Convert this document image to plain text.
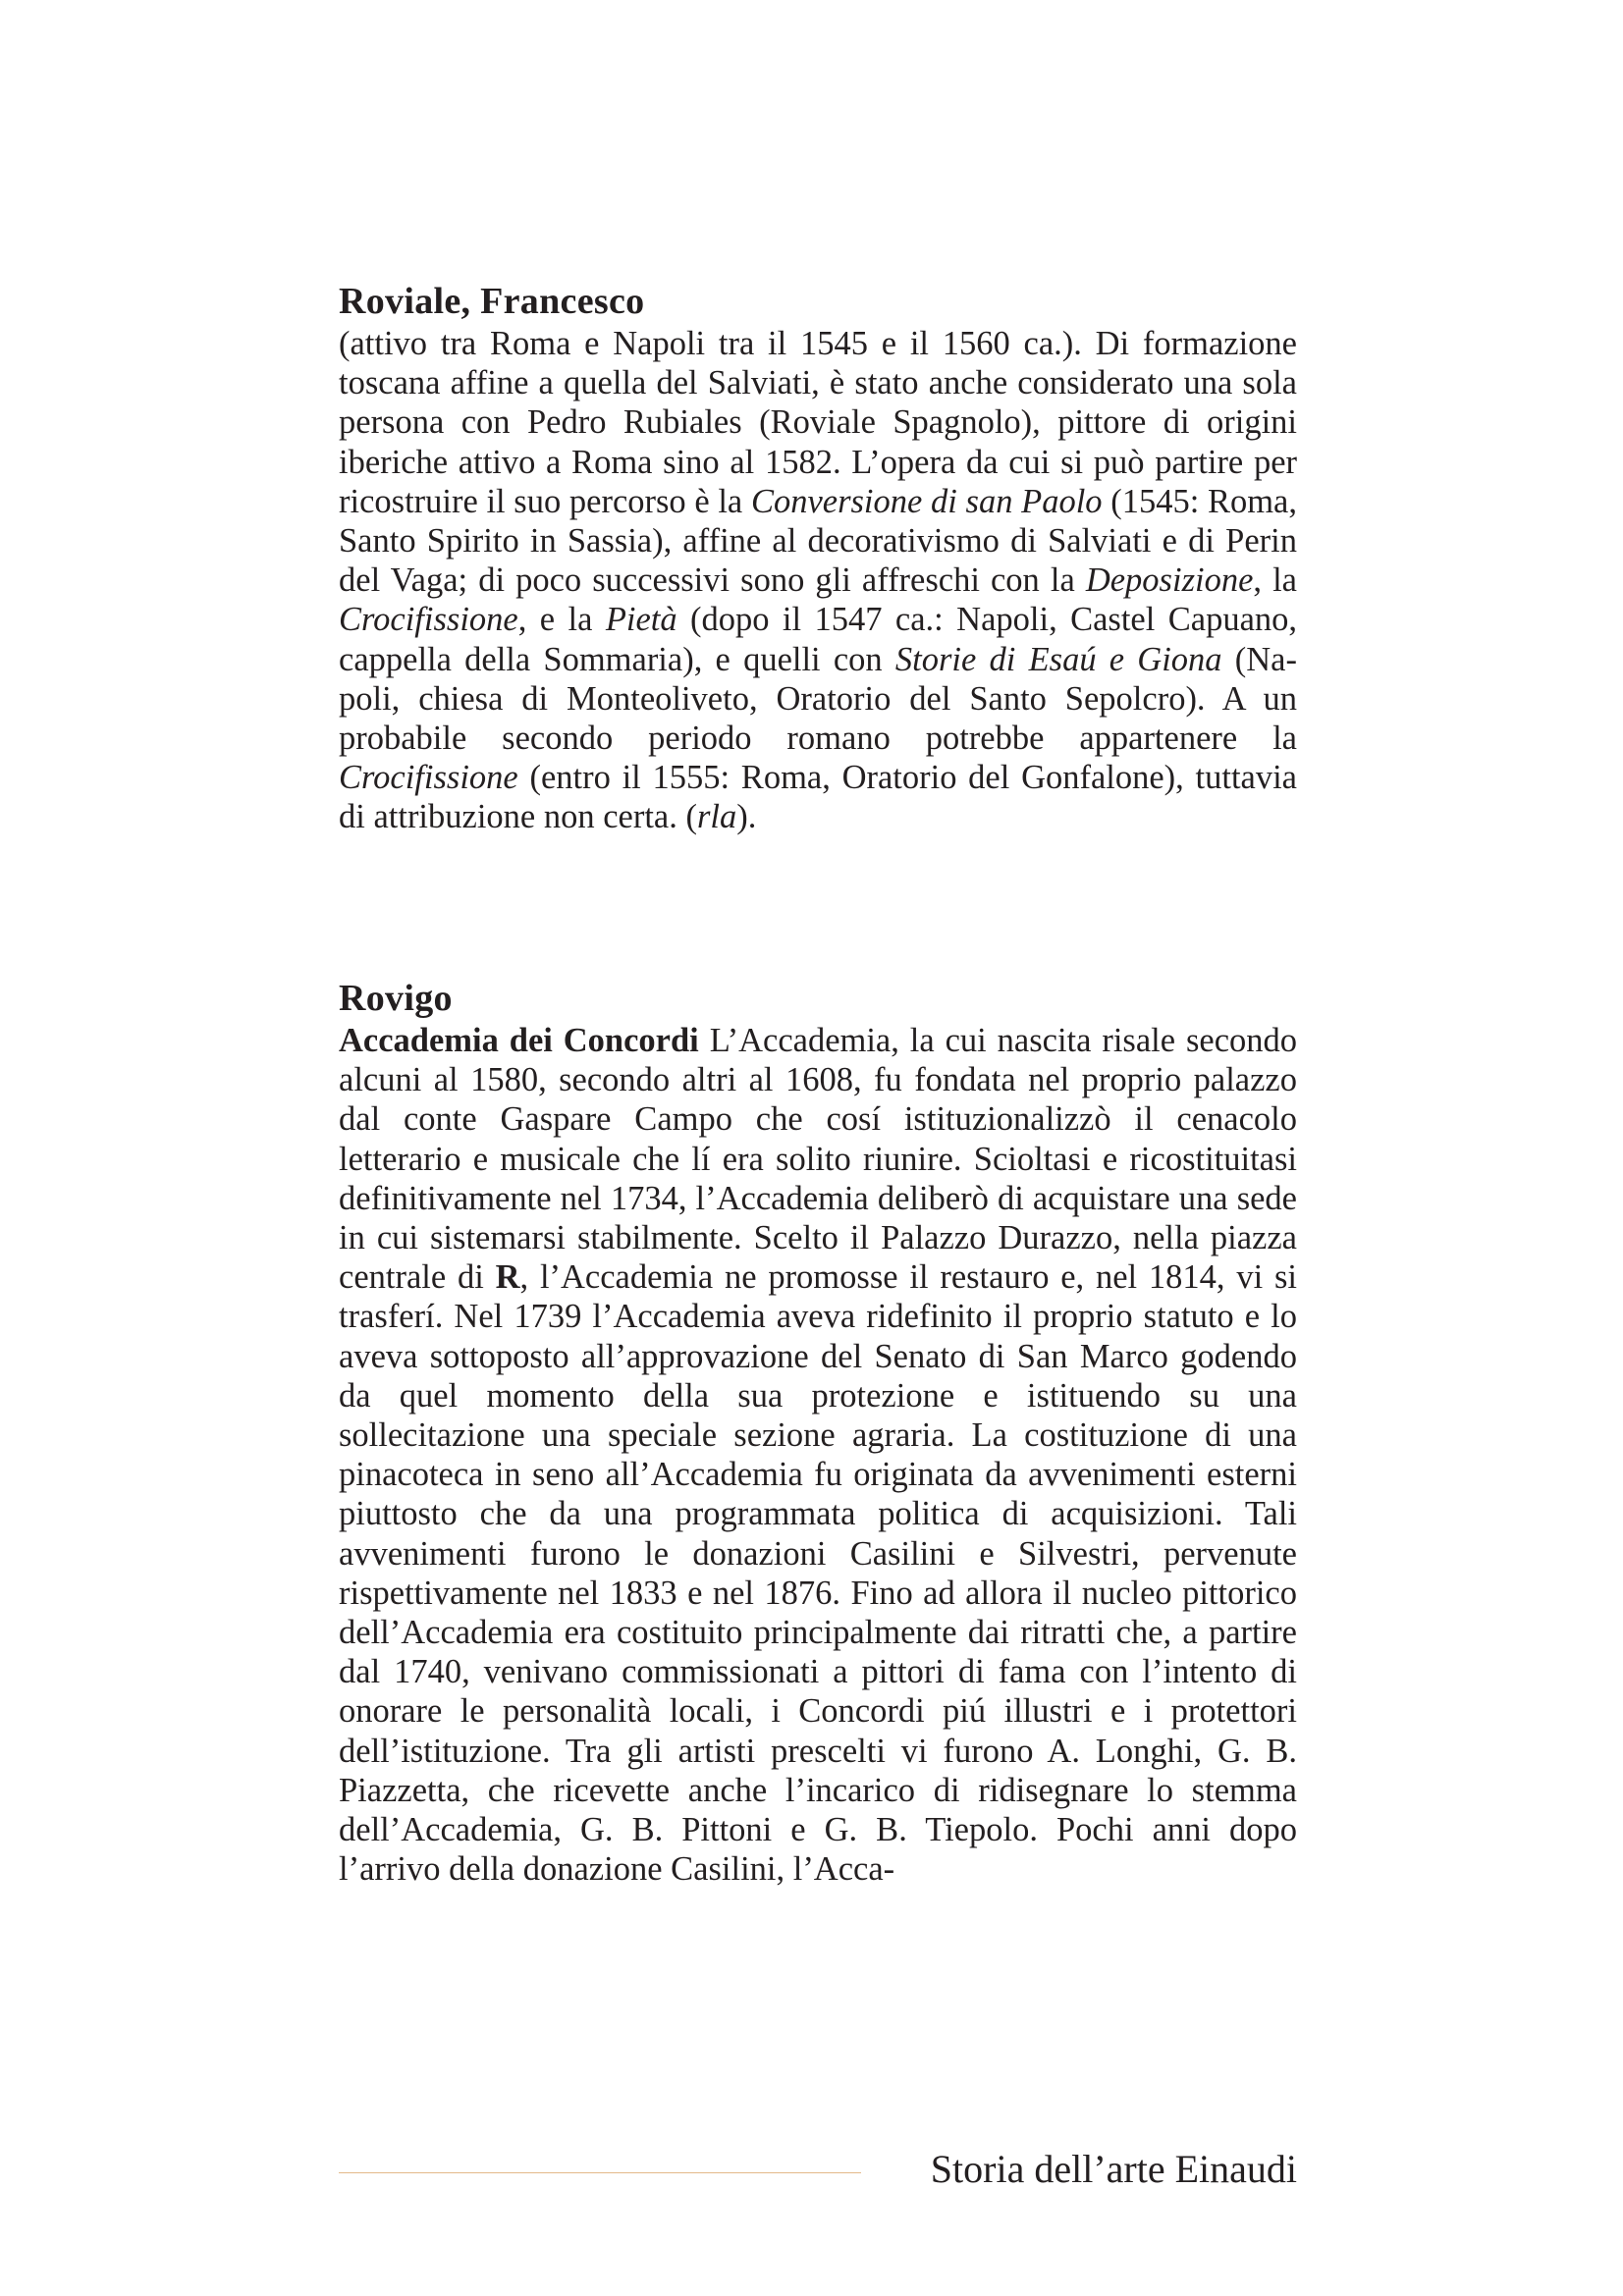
Roviale, Francesco

(attivo tra Roma e Napoli tra il 1545 e il 1560 ca.). Di formazione toscana affine a quella del Salviati, è stato anche considerato una sola persona con Pedro Rubiales (Roviale Spagnolo), pittore di origini iberiche attivo a Roma sino al 1582. L’opera da cui si può partire per ricostruire il suo percorso è la Conversione di san Paolo (1545: Roma, Santo Spirito in Sassia), affine al decorativismo di Salviati e di Perin del Vaga; di poco successivi sono gli affreschi con la Deposizione, la Crocifissione, e la Pietà (dopo il 1547 ca.: Napoli, Castel Capuano, cappella della Sommaria), e quelli con Storie di Esaú e Giona (Napoli, chiesa di Monteoliveto, Oratorio del Santo Sepolcro). A un probabile secondo periodo romano potrebbe appartenere la Crocifissione (entro il 1555: Roma, Oratorio del Gonfalone), tuttavia di attribuzione non certa. (rla).

Rovigo

Accademia dei Concordi L’Accademia, la cui nascita risale secondo alcuni al 1580, secondo altri al 1608, fu fondata nel proprio palazzo dal conte Gaspare Campo che cosí istituzionalizzò il cenacolo letterario e musicale che lí era solito riunire. Scioltasi e ricostituitasi definitivamente nel 1734, l’Accademia deliberò di acquistare una sede in cui sistemarsi stabilmente. Scelto il Palazzo Durazzo, nella piazza centrale di R, l’Accademia ne promosse il restauro e, nel 1814, vi si trasferí. Nel 1739 l’Accademia aveva ridefinito il proprio statuto e lo aveva sottoposto all’approvazione del Senato di San Marco godendo da quel momento della sua protezione e istituendo su una sollecitazione una speciale sezione agraria. La costituzione di una pinacoteca in seno all’Accademia fu originata da avvenimenti esterni piuttosto che da una programmata politica di acquisizioni. Tali avvenimenti furono le donazioni Casilini e Silvestri, pervenute rispettivamente nel 1833 e nel 1876. Fino ad allora il nucleo pittorico dell’Accademia era costituito principalmente dai ritratti che, a partire dal 1740, venivano commissionati a pittori di fama con l’intento di onorare le personalità locali, i Concordi piú illustri e i protettori dell’istituzione. Tra gli artisti prescelti vi furono A. Longhi, G. B. Piazzetta, che ricevette anche l’incarico di ridisegnare lo stemma dell’Accademia, G. B. Pittoni e G. B. Tiepolo. Pochi anni dopo l’arrivo della donazione Casilini, l’Acca-

Storia dell’arte Einaudi
